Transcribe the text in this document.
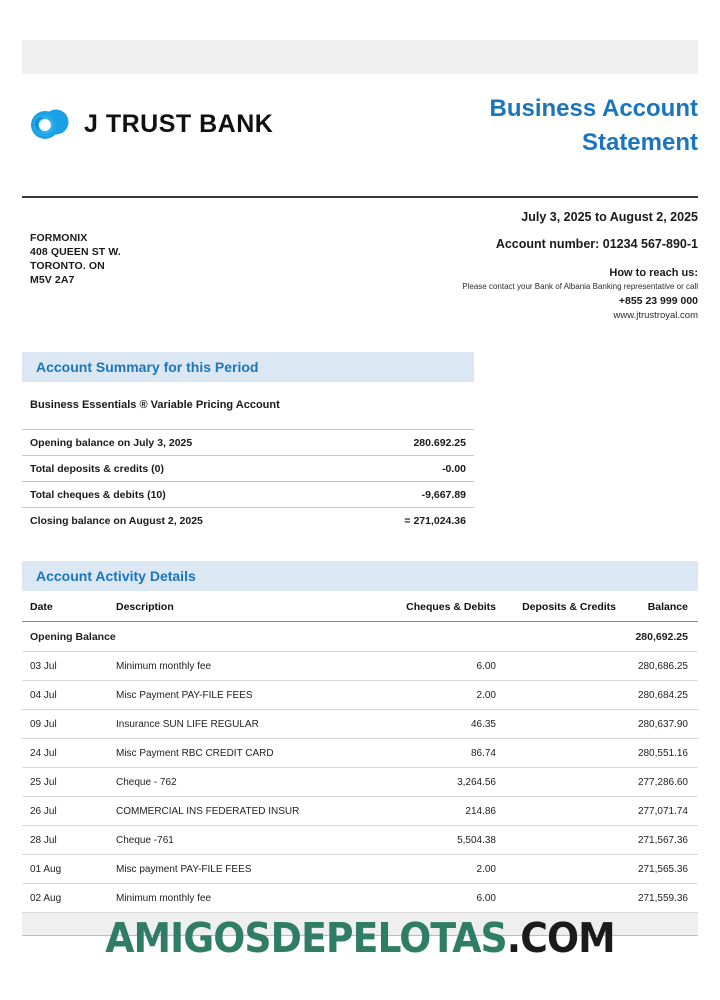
J TRUST BANK
Business Account
Statement
FORMONIX
408 QUEEN ST W.
TORONTO. ON
M5V 2A7
July 3, 2025 to August 2, 2025
Account number: 01234 567-890-1
How to reach us:
Please contact your Bank of Albania Banking representative or call
+855 23 999 000
www.jtrustroyal.com
Account Summary for this Period
Business Essentials ® Variable Pricing Account
Opening balance on July 3, 2025	280.692.25
Total deposits & credits (0)	-0.00
Total cheques & debits (10)	-9,667.89
Closing balance on August 2, 2025	= 271,024.36
Account Activity Details
Date	Description	Cheques & Debits	Deposits & Credits	Balance
Opening Balance				280,692.25
03 Jul	Minimum monthly fee	6.00		280,686.25
04 Jul	Misc Payment PAY-FILE FEES	2.00		280,684.25
09 Jul	Insurance SUN LIFE REGULAR	46.35		280,637.90
24 Jul	Misc Payment RBC CREDIT CARD	86.74		280,551.16
25 Jul	Cheque - 762	3,264.56		277,286.60
26 Jul	COMMERCIAL INS FEDERATED INSUR	214.86		277,071.74
28 Jul	Cheque -761	5,504.38		271,567.36
01 Aug	Misc payment PAY-FILE FEES	2.00		271,565.36
02 Aug	Minimum monthly fee	6.00		271,559.36

AMIGOSDEPELOTAS.COM
